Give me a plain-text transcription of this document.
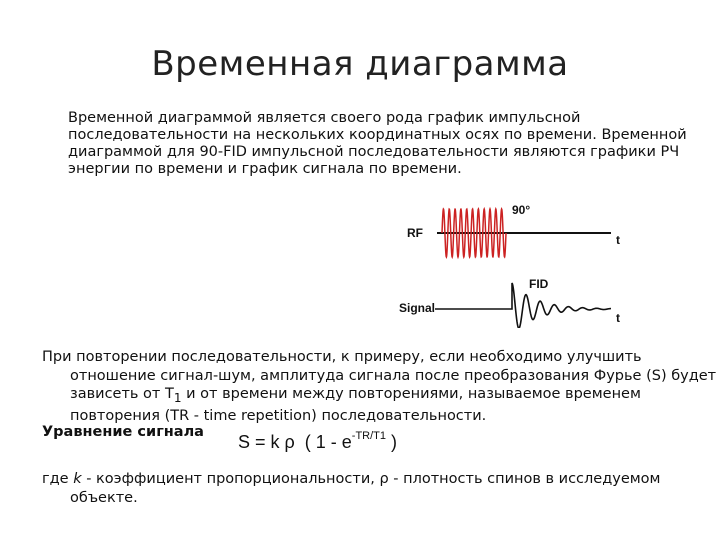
Временная диаграмма

Временной диаграммой является своего рода график импульсной последовательности на нескольких координатных осях по времени. Временной диаграммой для 90-FID импульсной последовательности являются графики РЧ энергии по времени и график сигнала по времени.

RF
90°
t
Signal
FID
t

При повторении последовательности, к примеру, если необходимо улучшить отношение сигнал-шум, амплитуда сигнала после преобразования Фурье (S) будет зависеть от $T_1$ и от времени между повторениями, называемое временем повторения (TR - time repetition) последовательности.

Уравнение сигнала S = k ρ  ( $1 - e^{-TR/T1}$ )

где k - коэффициент пропорциональности, ρ - плотность спинов в исследуемом объекте.
